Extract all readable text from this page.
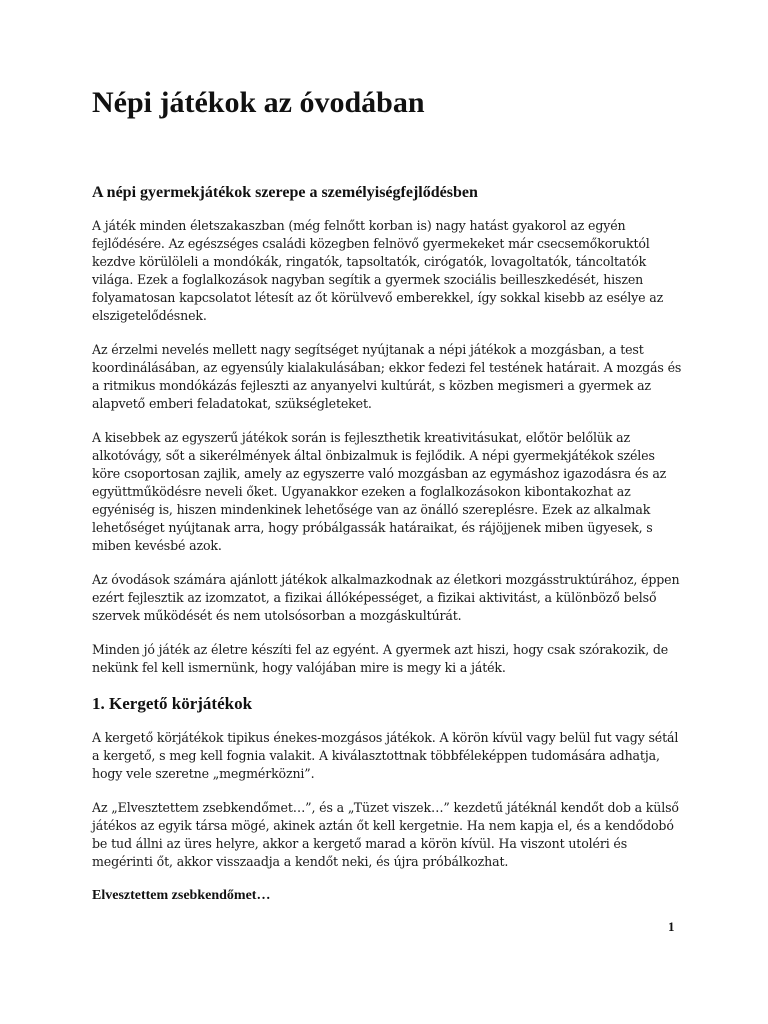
Népi játékok az óvodában
A népi gyermekjátékok szerepe a személyiségfejlődésben

A játék minden életszakaszban (még felnőtt korban is) nagy hatást gyakorol az egyén fejlődésére. Az egészséges családi közegben felnövő gyermekeket már csecsemőkoruktól kezdve körülöleli a mondókák, ringatók, tapsoltatók, cirógatók, lovagoltatók, táncoltatók világa. Ezek a foglalkozások nagyban segítik a gyermek szociális beilleszkedését, hiszen folyamatosan kapcsolatot létesít az őt körülvevő emberekkel, így sokkal kisebb az esélye az elszigetelődésnek.

Az érzelmi nevelés mellett nagy segítséget nyújtanak a népi játékok a mozgásban, a test koordinálásában, az egyensúly kialakulásában; ekkor fedezi fel testének határait. A mozgás és a ritmikus mondókázás fejleszti az anyanyelvi kultúrát, s közben megismeri a gyermek az alapvető emberi feladatokat, szükségleteket.

A kisebbek az egyszerű játékok során is fejleszthetik kreativitásukat, előtör belőlük az alkotóvágy, sőt a sikerélmények által önbizalmuk is fejlődik. A népi gyermekjátékok széles köre csoportosan zajlik, amely az egyszerre való mozgásban az egymáshoz igazodásra és az együttműködésre neveli őket. Ugyanakkor ezeken a foglalkozásokon kibontakozhat az egyéniség is, hiszen mindenkinek lehetősége van az önálló szereplésre. Ezek az alkalmak lehetőséget nyújtanak arra, hogy próbálgassák határaikat, és rájöjjenek miben ügyesek, s miben kevésbé azok.

Az óvodások számára ajánlott játékok alkalmazkodnak az életkori mozgásstruktúrához, éppen ezért fejlesztik az izomzatot, a fizikai állóképességet, a fizikai aktivitást, a különböző belső szervek működését és nem utolsósorban a mozgáskultúrát.

Minden jó játék az életre készíti fel az egyént. A gyermek azt hiszi, hogy csak szórakozik, de nekünk fel kell ismernünk, hogy valójában mire is megy ki a játék.

1. Kergető körjátékok

A kergető körjátékok tipikus énekes-mozgásos játékok. A körön kívül vagy belül fut vagy sétál a kergető, s meg kell fognia valakit. A kiválasztottnak többféleképpen tudomására adhatja, hogy vele szeretne „megmérközni”.

Az „Elvesztettem zsebkendőmet…”, és a „Tüzet viszek…” kezdetű játéknál kendőt dob a külső játékos az egyik társa mögé, akinek aztán őt kell kergetnie. Ha nem kapja el, és a kendődobó be tud állni az üres helyre, akkor a kergető marad a körön kívül. Ha viszont utoléri és megérinti őt, akkor visszaadja a kendőt neki, és újra próbálkozhat.

Elvesztettem zsebkendőmet…
1
